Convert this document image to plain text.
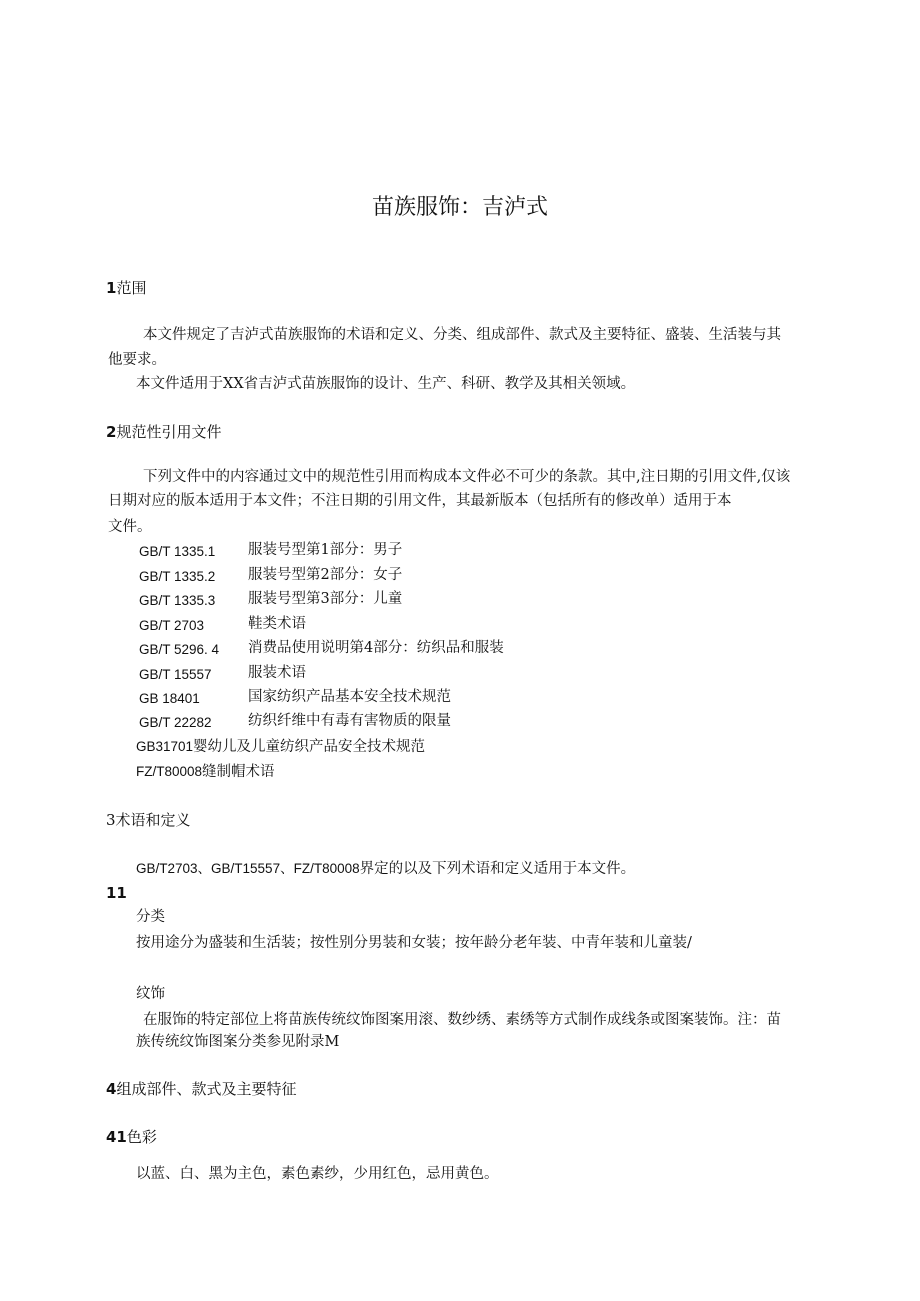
苗族服饰：吉泸式
1范围
本文件规定了吉泸式苗族服饰的术语和定义、分类、组成部件、款式及主要特征、盛装、生活装与其
他要求。
本文件适用于XX省吉泸式苗族服饰的设计、生产、科研、教学及其相关领域。
2规范性引用文件
下列文件中的内容通过文中的规范性引用而构成本文件必不可少的条款。其中,注日期的引用文件,仅该
日期对应的版本适用于本文件；不注日期的引用文件，其最新版本（包括所有的修改单）适用于本
文件。
GB/T 1335.1 服装号型第1部分：男子
GB/T 1335.2 服装号型第2部分：女子
GB/T 1335.3 服装号型第3部分：儿童
GB/T 2703	鞋类术语
GB/T 5296. 4 消费品使用说明第4部分：纺织品和服装
GB/T 15557	服装术语
GB 18401	国家纺织产品基本安全技术规范
GB/T 22282	纺织纤维中有毒有害物质的限量
GB31701婴幼儿及儿童纺织产品安全技术规范
FZ/T80008缝制帽术语
3术语和定义
GB/T2703、GB/T15557、FZ/T80008界定的以及下列术语和定义适用于本文件。
11
分类
按用途分为盛装和生活装；按性别分男装和女装；按年龄分老年装、中青年装和儿童装/
纹饰
在服饰的特定部位上将苗族传统纹饰图案用滚、数纱绣、素绣等方式制作成线条或图案装饰。注：苗
族传统纹饰图案分类参见附录M
4组成部件、款式及主要特征
41色彩
以蓝、白、黑为主色，素色素纱，少用红色，忌用黄色。
